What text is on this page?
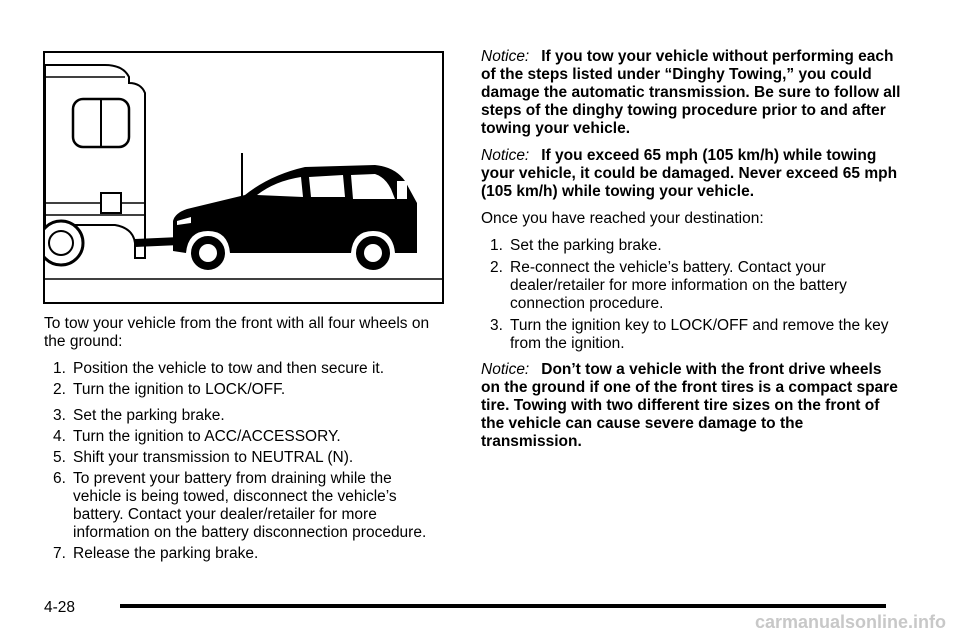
To tow your vehicle from the front with all four wheels on the ground:

1. Position the vehicle to tow and then secure it.
2. Turn the ignition to LOCK/OFF.
3. Set the parking brake.
4. Turn the ignition to ACC/ACCESSORY.
5. Shift your transmission to NEUTRAL (N).
6. To prevent your battery from draining while the vehicle is being towed, disconnect the vehicle’s battery. Contact your dealer/retailer for more information on the battery disconnection procedure.
7. Release the parking brake.

Notice: If you tow your vehicle without performing each of the steps listed under “Dinghy Towing,” you could damage the automatic transmission. Be sure to follow all steps of the dinghy towing procedure prior to and after towing your vehicle.

Notice: If you exceed 65 mph (105 km/h) while towing your vehicle, it could be damaged. Never exceed 65 mph (105 km/h) while towing your vehicle.

Once you have reached your destination:

1. Set the parking brake.
2. Re-connect the vehicle’s battery. Contact your dealer/retailer for more information on the battery connection procedure.
3. Turn the ignition key to LOCK/OFF and remove the key from the ignition.

Notice: Don’t tow a vehicle with the front drive wheels on the ground if one of the front tires is a compact spare tire. Towing with two different tire sizes on the front of the vehicle can cause severe damage to the transmission.

4-28
carmanualsonline.info
